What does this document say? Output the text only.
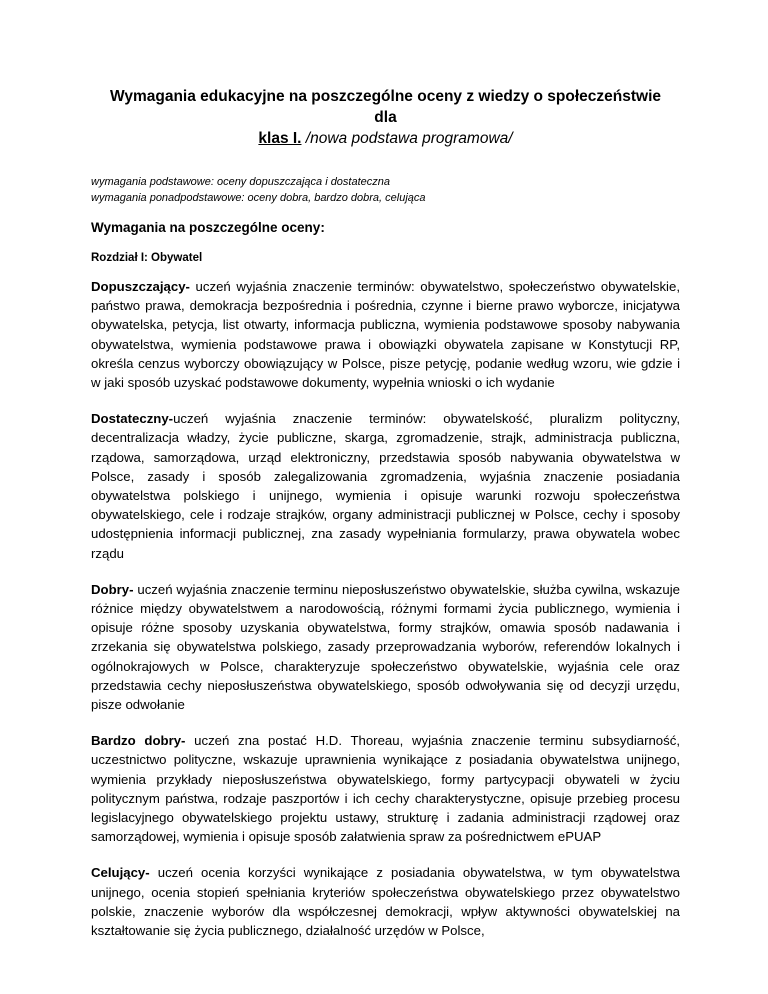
Wymagania edukacyjne na poszczególne oceny z wiedzy o społeczeństwie dla
klas I. /nowa podstawa programowa/
wymagania podstawowe: oceny dopuszczająca i dostateczna
wymagania ponadpodstawowe: oceny dobra, bardzo dobra, celująca
Wymagania na poszczególne oceny:
Rozdział I: Obywatel

Dopuszczający- uczeń wyjaśnia znaczenie terminów: obywatelstwo, społeczeństwo obywatelskie, państwo prawa, demokracja bezpośrednia i pośrednia, czynne i bierne prawo wyborcze, inicjatywa obywatelska, petycja, list otwarty, informacja publiczna, wymienia podstawowe sposoby nabywania obywatelstwa, wymienia podstawowe prawa i obowiązki obywatela zapisane w Konstytucji RP, określa cenzus wyborczy obowiązujący w Polsce, pisze petycję, podanie według wzoru, wie gdzie i w jaki sposób uzyskać podstawowe dokumenty, wypełnia wnioski o ich wydanie

Dostateczny-uczeń wyjaśnia znaczenie terminów: obywatelskość, pluralizm polityczny, decentralizacja władzy, życie publiczne, skarga, zgromadzenie, strajk, administracja publiczna, rządowa, samorządowa, urząd elektroniczny, przedstawia sposób nabywania obywatelstwa w Polsce, zasady i sposób zalegalizowania zgromadzenia, wyjaśnia znaczenie posiadania obywatelstwa polskiego i unijnego, wymienia i opisuje warunki rozwoju społeczeństwa obywatelskiego, cele i rodzaje strajków, organy administracji publicznej w Polsce, cechy i sposoby udostępnienia informacji publicznej, zna zasady wypełniania formularzy, prawa obywatela wobec rządu

Dobry- uczeń wyjaśnia znaczenie terminu nieposłuszeństwo obywatelskie, służba cywilna, wskazuje różnice między obywatelstwem a narodowością, różnymi formami życia publicznego, wymienia i opisuje różne sposoby uzyskania obywatelstwa, formy strajków, omawia sposób nadawania i zrzekania się obywatelstwa polskiego, zasady przeprowadzania wyborów, referendów lokalnych i ogólnokrajowych w Polsce, charakteryzuje społeczeństwo obywatelskie, wyjaśnia cele oraz przedstawia cechy nieposłuszeństwa obywatelskiego, sposób odwoływania się od decyzji urzędu, pisze odwołanie

Bardzo dobry- uczeń zna postać H.D. Thoreau, wyjaśnia znaczenie terminu subsydiarność, uczestnictwo polityczne, wskazuje uprawnienia wynikające z posiadania obywatelstwa unijnego, wymienia przykłady nieposłuszeństwa obywatelskiego, formy partycypacji obywateli w życiu politycznym państwa, rodzaje paszportów i ich cechy charakterystyczne, opisuje przebieg procesu legislacyjnego obywatelskiego projektu ustawy, strukturę i zadania administracji rządowej oraz samorządowej, wymienia i opisuje sposób załatwienia spraw za pośrednictwem ePUAP

Celujący- uczeń ocenia korzyści wynikające z posiadania obywatelstwa, w tym obywatelstwa unijnego, ocenia stopień spełniania kryteriów społeczeństwa obywatelskiego przez obywatelstwo polskie, znaczenie wyborów dla współczesnej demokracji, wpływ aktywności obywatelskiej na kształtowanie się życia publicznego, działalność urzędów w Polsce,
